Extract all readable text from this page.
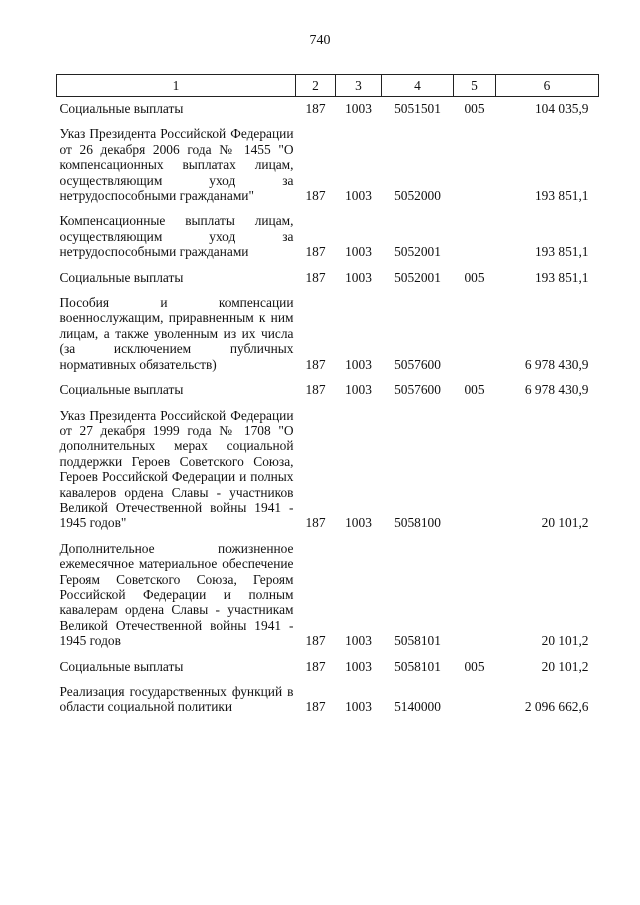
740
1	2	3	4	5	6

Социальные выплаты	187	1003	5051501	005	104 035,9

Указ Президента Российской Федерации от 26 декабря 2006 года № 1455 "О компенсационных выплатах лицам, осуществляющим уход за нетрудоспособными гражданами"	187	1003	5052000		193 851,1

Компенсационные выплаты лицам, осуществляющим уход за нетрудоспособными гражданами	187	1003	5052001		193 851,1

Социальные выплаты	187	1003	5052001	005	193 851,1

Пособия и компенсации военнослужащим, приравненным к ним лицам, а также уволенным из их числа (за исключением публичных нормативных обязательств)	187	1003	5057600		6 978 430,9

Социальные выплаты	187	1003	5057600	005	6 978 430,9

Указ Президента Российской Федерации от 27 декабря 1999 года № 1708 "О дополнительных мерах социальной поддержки Героев Советского Союза, Героев Российской Федерации и полных кавалеров ордена Славы - участников Великой Отечественной войны 1941 - 1945 годов"	187	1003	5058100		20 101,2

Дополнительное пожизненное ежемесячное материальное обеспечение Героям Советского Союза, Героям Российской Федерации и полным кавалерам ордена Славы - участникам Великой Отечественной войны 1941 - 1945 годов	187	1003	5058101		20 101,2

Социальные выплаты	187	1003	5058101	005	20 101,2

Реализация государственных функций в области социальной политики	187	1003	5140000		2 096 662,6
